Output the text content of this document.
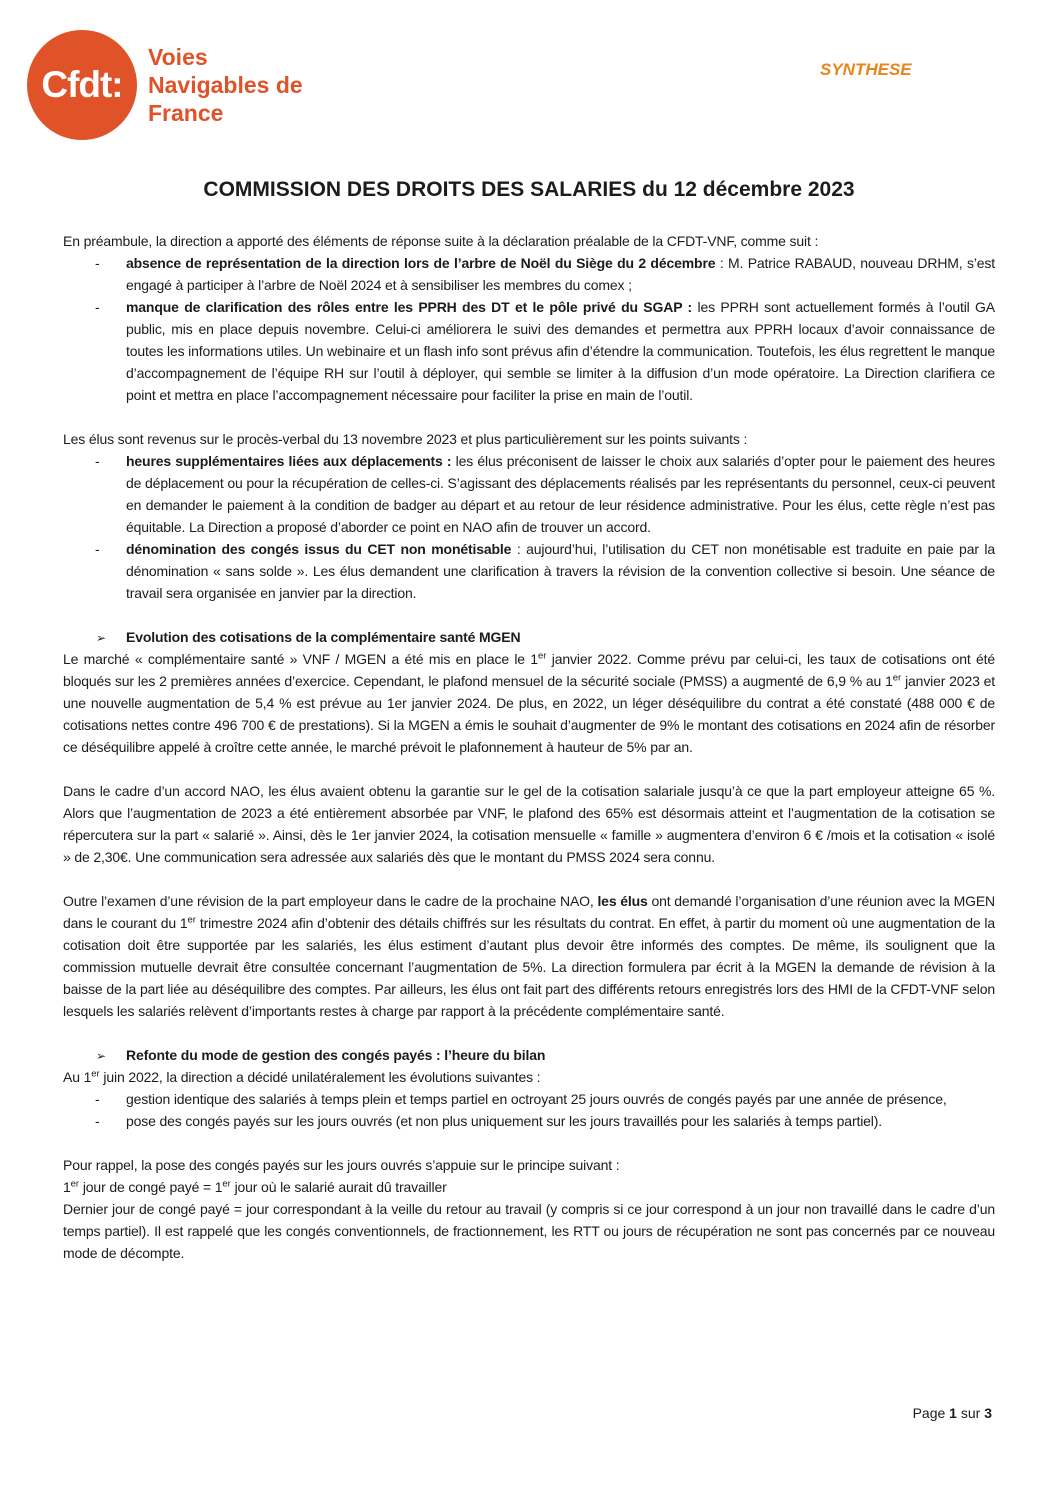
Cfdt:
Voies
Navigables de
France
SYNTHESE
COMMISSION DES DROITS DES SALARIES du 12 décembre 2023

En préambule, la direction a apporté des éléments de réponse suite à la déclaration préalable de la CFDT-VNF, comme suit :

- absence de représentation de la direction lors de l’arbre de Noël du Siège du 2 décembre : M. Patrice RABAUD, nouveau DRHM, s’est engagé à participer à l’arbre de Noël 2024 et à sensibiliser les membres du comex ;
- manque de clarification des rôles entre les PPRH des DT et le pôle privé du SGAP : les PPRH sont actuellement formés à l’outil GA public, mis en place depuis novembre. Celui-ci améliorera le suivi des demandes et permettra aux PPRH locaux d’avoir connaissance de toutes les informations utiles. Un webinaire et un flash info sont prévus afin d’étendre la communication. Toutefois, les élus regrettent le manque d’accompagnement de l’équipe RH sur l’outil à déployer, qui semble se limiter à la diffusion d’un mode opératoire. La Direction clarifiera ce point et mettra en place l’accompagnement nécessaire pour faciliter la prise en main de l’outil.

Les élus sont revenus sur le procès-verbal du 13 novembre 2023 et plus particulièrement sur les points suivants :

- heures supplémentaires liées aux déplacements : les élus préconisent de laisser le choix aux salariés d’opter pour le paiement des heures de déplacement ou pour la récupération de celles-ci. S’agissant des déplacements réalisés par les représentants du personnel, ceux-ci peuvent en demander le paiement à la condition de badger au départ et au retour de leur résidence administrative. Pour les élus, cette règle n’est pas équitable. La Direction a proposé d’aborder ce point en NAO afin de trouver un accord.
- dénomination des congés issus du CET non monétisable : aujourd’hui, l’utilisation du CET non monétisable est traduite en paie par la dénomination « sans solde ». Les élus demandent une clarification à travers la révision de la convention collective si besoin. Une séance de travail sera organisée en janvier par la direction.
➢ Evolution des cotisations de la complémentaire santé MGEN

Le marché « complémentaire santé » VNF / MGEN a été mis en place le 1er janvier 2022. Comme prévu par celui-ci, les taux de cotisations ont été bloqués sur les 2 premières années d’exercice. Cependant, le plafond mensuel de la sécurité sociale (PMSS) a augmenté de 6,9 % au 1er janvier 2023 et une nouvelle augmentation de 5,4 % est prévue au 1er janvier 2024. De plus, en 2022, un léger déséquilibre du contrat a été constaté (488 000 € de cotisations nettes contre 496 700 € de prestations). Si la MGEN a émis le souhait d’augmenter de 9% le montant des cotisations en 2024 afin de résorber ce déséquilibre appelé à croître cette année, le marché prévoit le plafonnement à hauteur de 5% par an.

Dans le cadre d’un accord NAO, les élus avaient obtenu la garantie sur le gel de la cotisation salariale jusqu’à ce que la part employeur atteigne 65 %. Alors que l’augmentation de 2023 a été entièrement absorbée par VNF, le plafond des 65% est désormais atteint et l’augmentation de la cotisation se répercutera sur la part « salarié ». Ainsi, dès le 1er janvier 2024, la cotisation mensuelle « famille » augmentera d’environ 6 € /mois et la cotisation « isolé » de 2,30€. Une communication sera adressée aux salariés dès que le montant du PMSS 2024 sera connu.

Outre l’examen d’une révision de la part employeur dans le cadre de la prochaine NAO, les élus ont demandé l’organisation d’une réunion avec la MGEN dans le courant du 1er trimestre 2024 afin d’obtenir des détails chiffrés sur les résultats du contrat. En effet, à partir du moment où une augmentation de la cotisation doit être supportée par les salariés, les élus estiment d’autant plus devoir être informés des comptes. De même, ils soulignent que la commission mutuelle devrait être consultée concernant l’augmentation de 5%. La direction formulera par écrit à la MGEN la demande de révision à la baisse de la part liée au déséquilibre des comptes. Par ailleurs, les élus ont fait part des différents retours enregistrés lors des HMI de la CFDT-VNF selon lesquels les salariés relèvent d’importants restes à charge par rapport à la précédente complémentaire santé.

➢ Refonte du mode de gestion des congés payés : l’heure du bilan

Au 1er juin 2022, la direction a décidé unilatéralement les évolutions suivantes :

- gestion identique des salariés à temps plein et temps partiel en octroyant 25 jours ouvrés de congés payés par une année de présence,
- pose des congés payés sur les jours ouvrés (et non plus uniquement sur les jours travaillés pour les salariés à temps partiel).

Pour rappel, la pose des congés payés sur les jours ouvrés s’appuie sur le principe suivant :

1er jour de congé payé = 1er jour où le salarié aurait dû travailler

Dernier jour de congé payé = jour correspondant à la veille du retour au travail (y compris si ce jour correspond à un jour non travaillé dans le cadre d’un temps partiel). Il est rappelé que les congés conventionnels, de fractionnement, les RTT ou jours de récupération ne sont pas concernés par ce nouveau mode de décompte.

Page 1 sur 3
